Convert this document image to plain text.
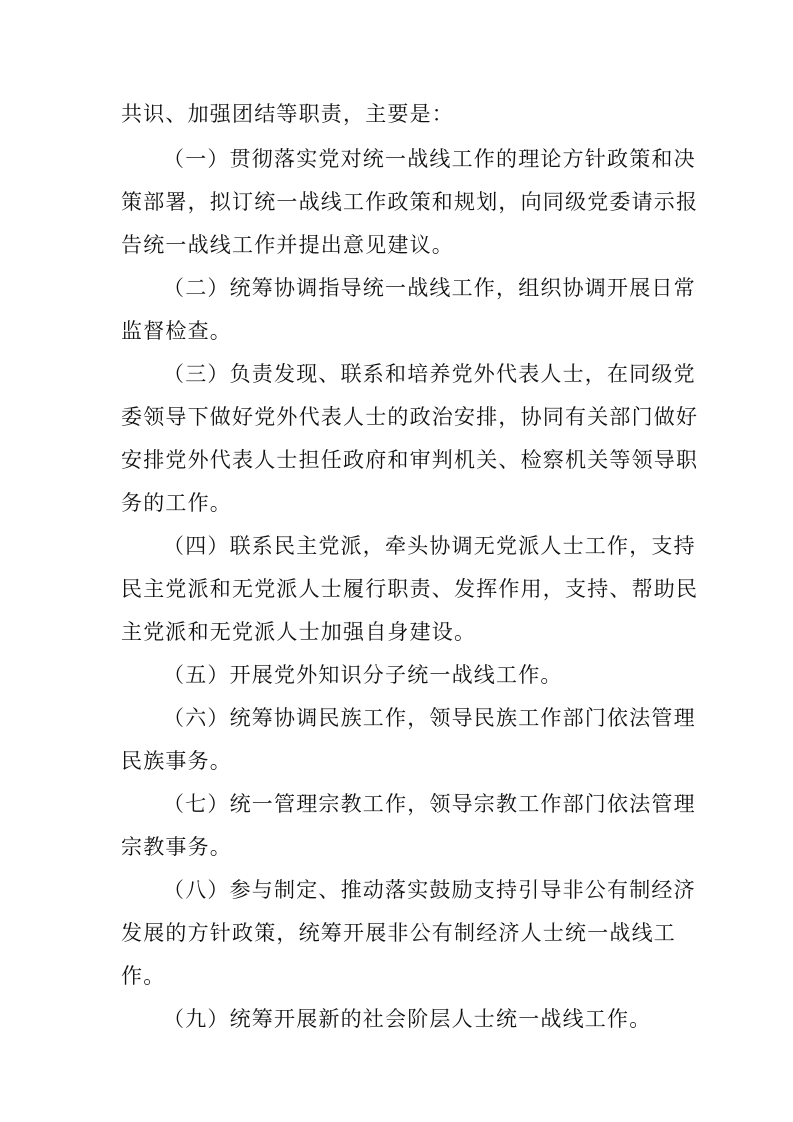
共识、加强团结等职责，主要是：
（一）贯彻落实党对统一战线工作的理论方针政策和决
策部署，拟订统一战线工作政策和规划，向同级党委请示报
告统一战线工作并提出意见建议。
（二）统筹协调指导统一战线工作，组织协调开展日常
监督检查。
（三）负责发现、联系和培养党外代表人士，在同级党
委领导下做好党外代表人士的政治安排，协同有关部门做好
安排党外代表人士担任政府和审判机关、检察机关等领导职
务的工作。
（四）联系民主党派，牵头协调无党派人士工作，支持
民主党派和无党派人士履行职责、发挥作用，支持、帮助民
主党派和无党派人士加强自身建设。
（五）开展党外知识分子统一战线工作。
（六）统筹协调民族工作，领导民族工作部门依法管理
民族事务。
（七）统一管理宗教工作，领导宗教工作部门依法管理
宗教事务。
（八）参与制定、推动落实鼓励支持引导非公有制经济
发展的方针政策，统筹开展非公有制经济人士统一战线工
作。
（九）统筹开展新的社会阶层人士统一战线工作。
